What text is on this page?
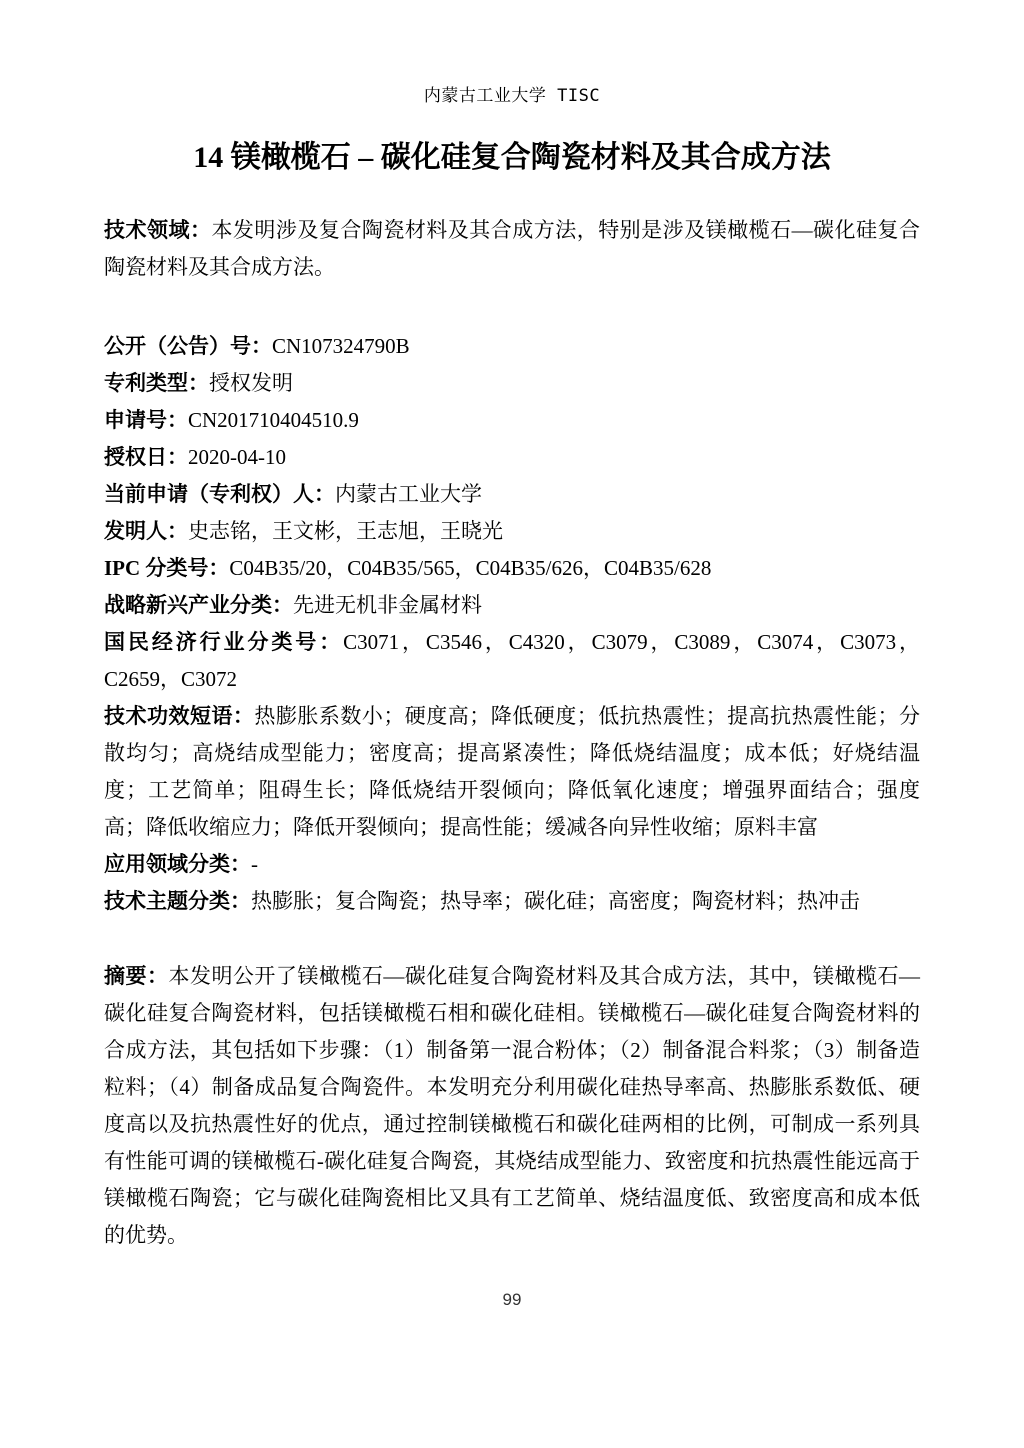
内蒙古工业大学 TISC
14 镁橄榄石 – 碳化硅复合陶瓷材料及其合成方法

技术领域：本发明涉及复合陶瓷材料及其合成方法，特别是涉及镁橄榄石—碳化硅复合陶瓷材料及其合成方法。

公开（公告）号：CN107324790B

专利类型：授权发明

申请号：CN201710404510.9

授权日：2020-04-10

当前申请（专利权）人：内蒙古工业大学

发明人：史志铭，王文彬，王志旭，王晓光

IPC 分类号：C04B35/20，C04B35/565，C04B35/626，C04B35/628

战略新兴产业分类：先进无机非金属材料

国民经济行业分类号：C3071，C3546，C4320，C3079，C3089，C3074，C3073，C2659，C3072

技术功效短语：热膨胀系数小；硬度高；降低硬度；低抗热震性；提高抗热震性能；分散均匀；高烧结成型能力；密度高；提高紧凑性；降低烧结温度；成本低；好烧结温度；工艺简单；阻碍生长；降低烧结开裂倾向；降低氧化速度；增强界面结合；强度高；降低收缩应力；降低开裂倾向；提高性能；缓减各向异性收缩；原料丰富

应用领域分类：-

技术主题分类：热膨胀；复合陶瓷；热导率；碳化硅；高密度；陶瓷材料；热冲击

摘要：本发明公开了镁橄榄石—碳化硅复合陶瓷材料及其合成方法，其中，镁橄榄石—碳化硅复合陶瓷材料，包括镁橄榄石相和碳化硅相。镁橄榄石—碳化硅复合陶瓷材料的合成方法，其包括如下步骤：（1）制备第一混合粉体；（2）制备混合料浆；（3）制备造粒料；（4）制备成品复合陶瓷件。本发明充分利用碳化硅热导率高、热膨胀系数低、硬度高以及抗热震性好的优点，通过控制镁橄榄石和碳化硅两相的比例，可制成一系列具有性能可调的镁橄榄石-碳化硅复合陶瓷，其烧结成型能力、致密度和抗热震性能远高于镁橄榄石陶瓷；它与碳化硅陶瓷相比又具有工艺简单、烧结温度低、致密度高和成本低的优势。

99
